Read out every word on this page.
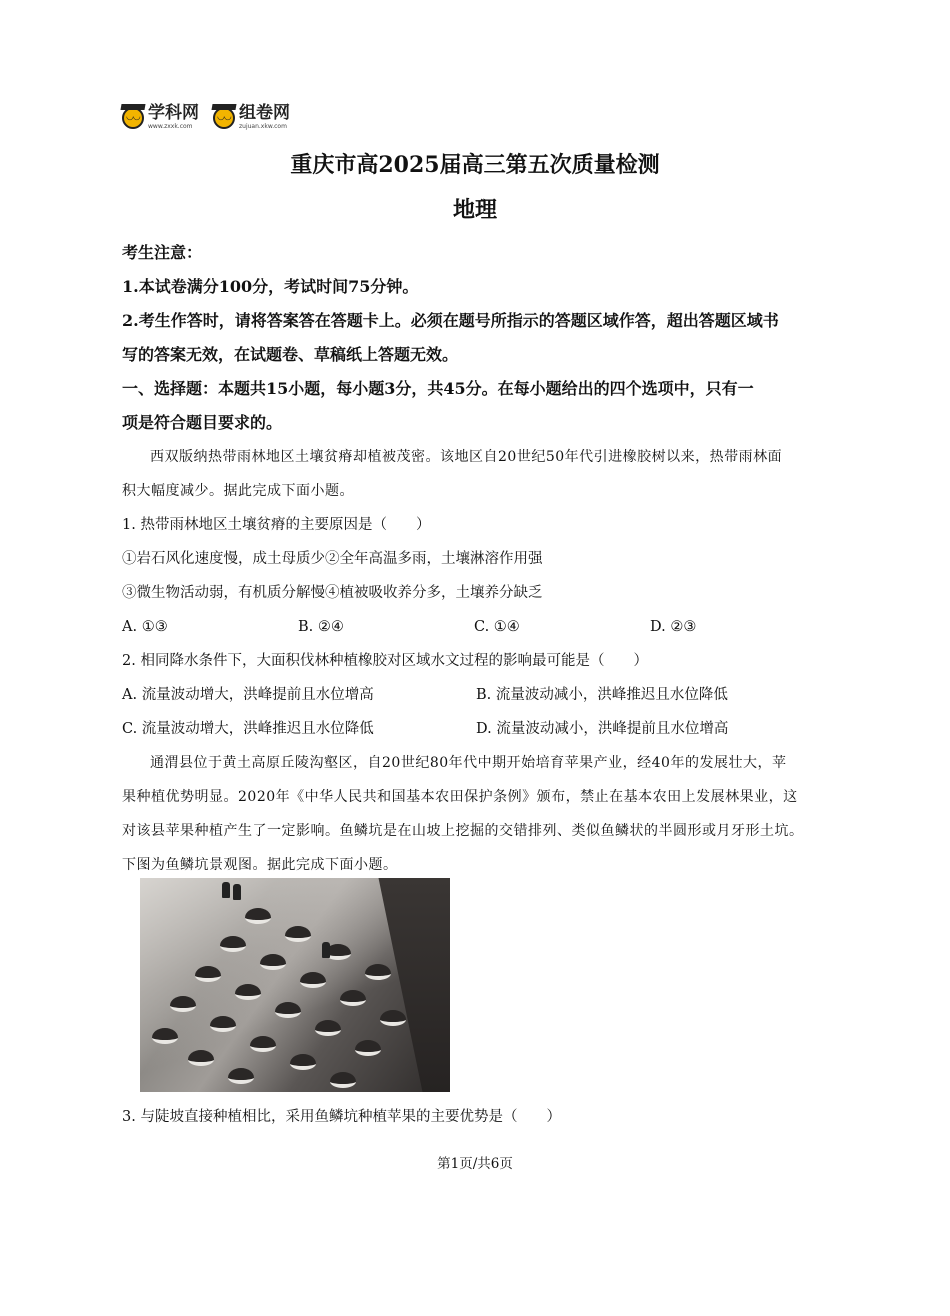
◡◡
学科网
www.zxxk.com
◡◡
组卷网
zujuan.xkw.com
重庆市高2025届高三第五次质量检测
地理

考生注意：

1.本试卷满分100分，考试时间75分钟。

2.考生作答时，请将答案答在答题卡上。必须在题号所指示的答题区域作答，超出答题区域书

写的答案无效，在试题卷、草稿纸上答题无效。

一、选择题：本题共15小题，每小题3分，共45分。在每小题给出的四个选项中，只有一

项是符合题目要求的。

西双版纳热带雨林地区土壤贫瘠却植被茂密。该地区自20世纪50年代引进橡胶树以来，热带雨林面

积大幅度减少。据此完成下面小题。

1. 热带雨林地区土壤贫瘠的主要原因是（　　）

①岩石风化速度慢，成土母质少②全年高温多雨，土壤淋溶作用强

③微生物活动弱，有机质分解慢④植被吸收养分多，土壤养分缺乏

A. ①③	B. ②④	C. ①④	D. ②③

2. 相同降水条件下，大面积伐林种植橡胶对区域水文过程的影响最可能是（　　）

A. 流量波动增大，洪峰提前且水位增高	B. 流量波动减小，洪峰推迟且水位降低
C. 流量波动增大，洪峰推迟且水位降低	D. 流量波动减小，洪峰提前且水位增高

通渭县位于黄土高原丘陵沟壑区，自20世纪80年代中期开始培育苹果产业，经40年的发展壮大，苹

果种植优势明显。2020年《中华人民共和国基本农田保护条例》颁布，禁止在基本农田上发展林果业，这

对该县苹果种植产生了一定影响。鱼鳞坑是在山坡上挖掘的交错排列、类似鱼鳞状的半圆形或月牙形土坑。

下图为鱼鳞坑景观图。据此完成下面小题。

3. 与陡坡直接种植相比，采用鱼鳞坑种植苹果的主要优势是（　　）

第1页/共6页
